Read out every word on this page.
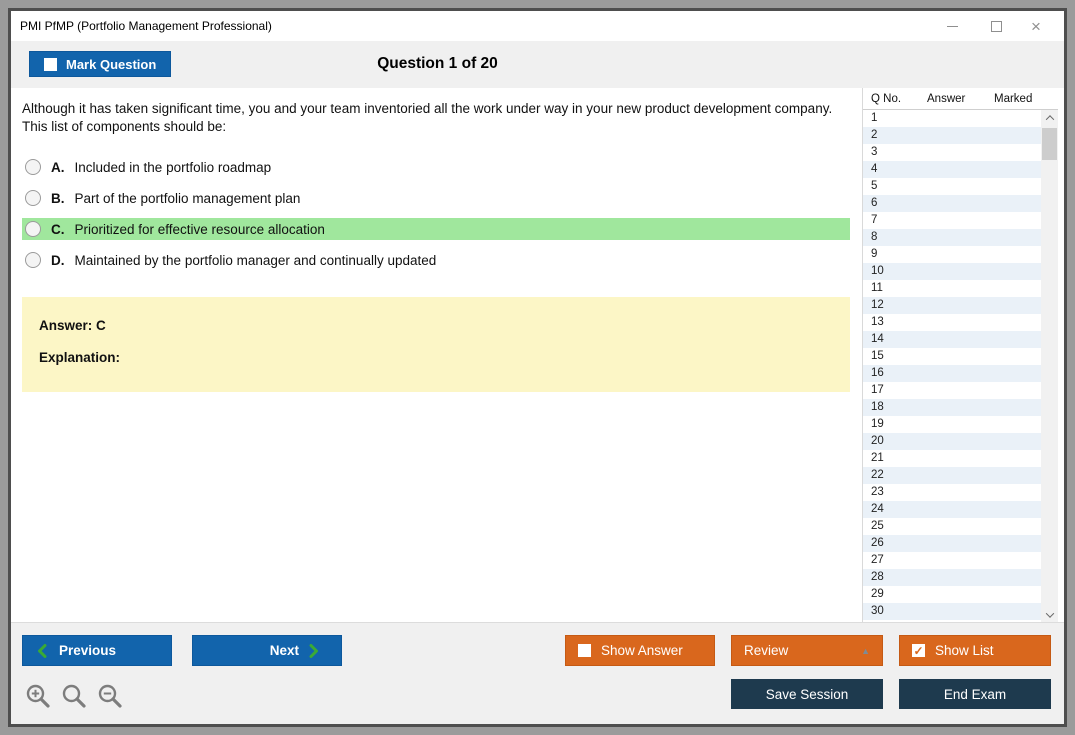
PMI PfMP (Portfolio Management Professional)	×
Mark Question	Question 1 of 20
Although it has taken significant time, you and your team inventoried all the work under way in your new product development company. This list of components should be:
A. Included in the portfolio roadmap
B. Part of the portfolio management plan
C. Prioritized for effective resource allocation
D. Maintained by the portfolio manager and continually updated
Answer: C
Explanation:
Q No.	Answer	Marked
1
2
3
4
5
6
7
8
9
10
11
12
13
14
15
16
17
18
19
20
21
22
23
24
25
26
27
28
29
30
Previous	Next	Show Answer	Review	▲ ✓	Show List
Save Session	End Exam
